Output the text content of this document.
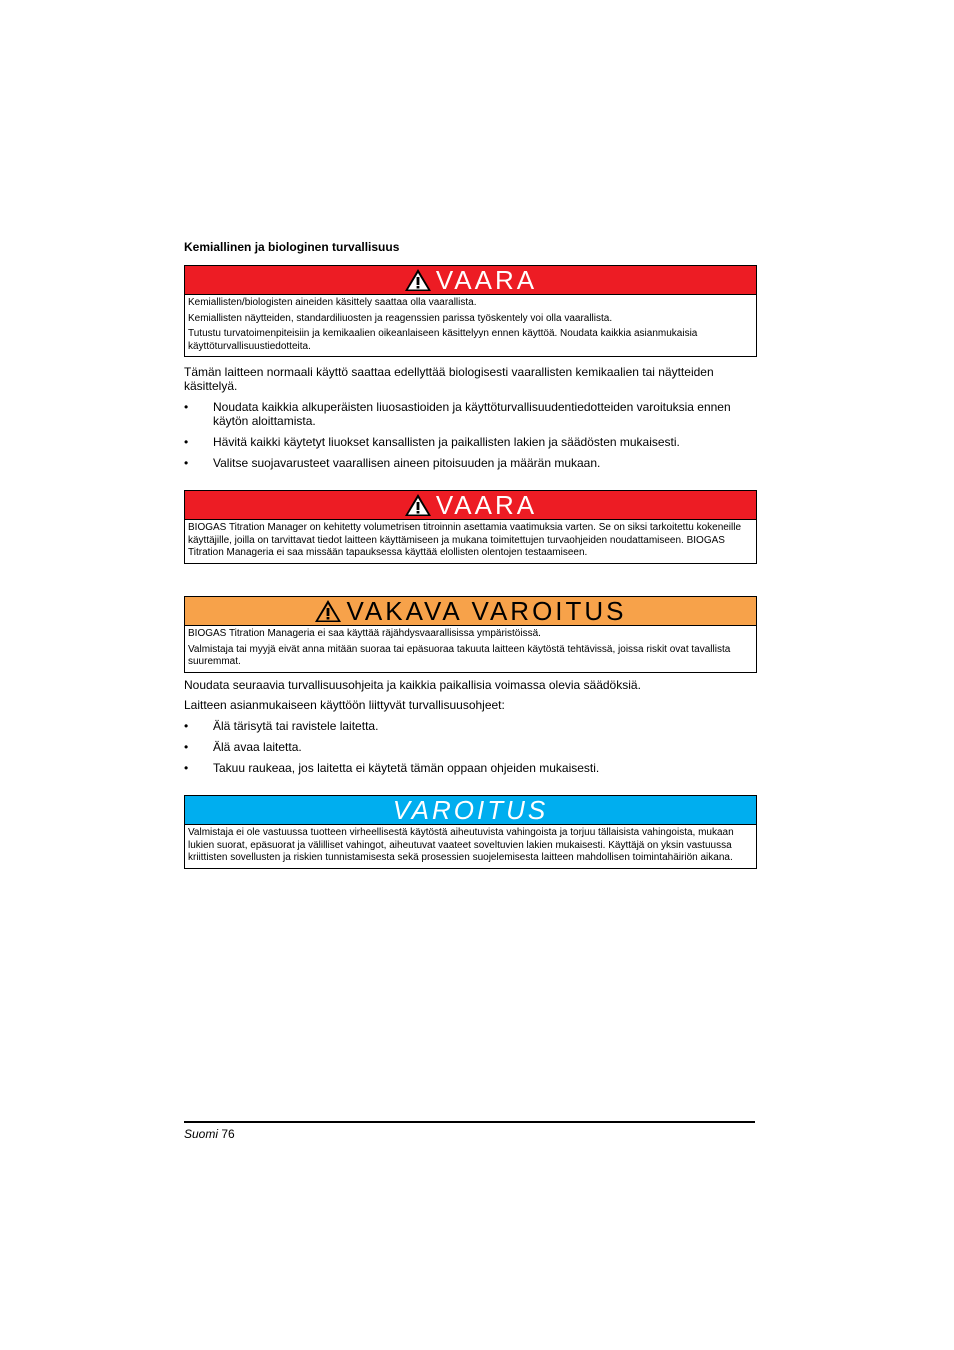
Kemiallinen ja biologinen turvallisuus
VAARA

Kemiallisten/biologisten aineiden käsittely saattaa olla vaarallista.

Kemiallisten näytteiden, standardiliuosten ja reagenssien parissa työskentely voi olla vaarallista.

Tutustu turvatoimenpiteisiin ja kemikaalien oikeanlaiseen käsittelyyn ennen käyttöä. Noudata kaikkia asianmukaisia käyttöturvallisuustiedotteita.

Tämän laitteen normaali käyttö saattaa edellyttää biologisesti vaarallisten kemikaalien tai näytteiden käsittelyä.

• Noudata kaikkia alkuperäisten liuosastioiden ja käyttöturvallisuudentiedotteiden varoituksia ennen käytön aloittamista.
• Hävitä kaikki käytetyt liuokset kansallisten ja paikallisten lakien ja säädösten mukaisesti.
• Valitse suojavarusteet vaarallisen aineen pitoisuuden ja määrän mukaan.
VAARA

BIOGAS Titration Manager on kehitetty volumetrisen titroinnin asettamia vaatimuksia varten. Se on siksi tarkoitettu kokeneille käyttäjille, joilla on tarvittavat tiedot laitteen käyttämiseen ja mukana toimitettujen turvaohjeiden noudattamiseen. BIOGAS Titration Manageria ei saa missään tapauksessa käyttää elollisten olentojen testaamiseen.

VAKAVA VAROITUS

BIOGAS Titration Manageria ei saa käyttää räjähdysvaarallisissa ympäristöissä.

Valmistaja tai myyjä eivät anna mitään suoraa tai epäsuoraa takuuta laitteen käytöstä tehtävissä, joissa riskit ovat tavallista suuremmat.

Noudata seuraavia turvallisuusohjeita ja kaikkia paikallisia voimassa olevia säädöksiä.

Laitteen asianmukaiseen käyttöön liittyvät turvallisuusohjeet:

• Älä tärisytä tai ravistele laitetta.
• Älä avaa laitetta.
• Takuu raukeaa, jos laitetta ei käytetä tämän oppaan ohjeiden mukaisesti.
VAROITUS

Valmistaja ei ole vastuussa tuotteen virheellisestä käytöstä aiheutuvista vahingoista ja torjuu tällaisista vahingoista, mukaan lukien suorat, epäsuorat ja välilliset vahingot, aiheutuvat vaateet soveltuvien lakien mukaisesti. Käyttäjä on yksin vastuussa kriittisten sovellusten ja riskien tunnistamisesta sekä prosessien suojelemisesta laitteen mahdollisen toimintahäiriön aikana.

Suomi 76
